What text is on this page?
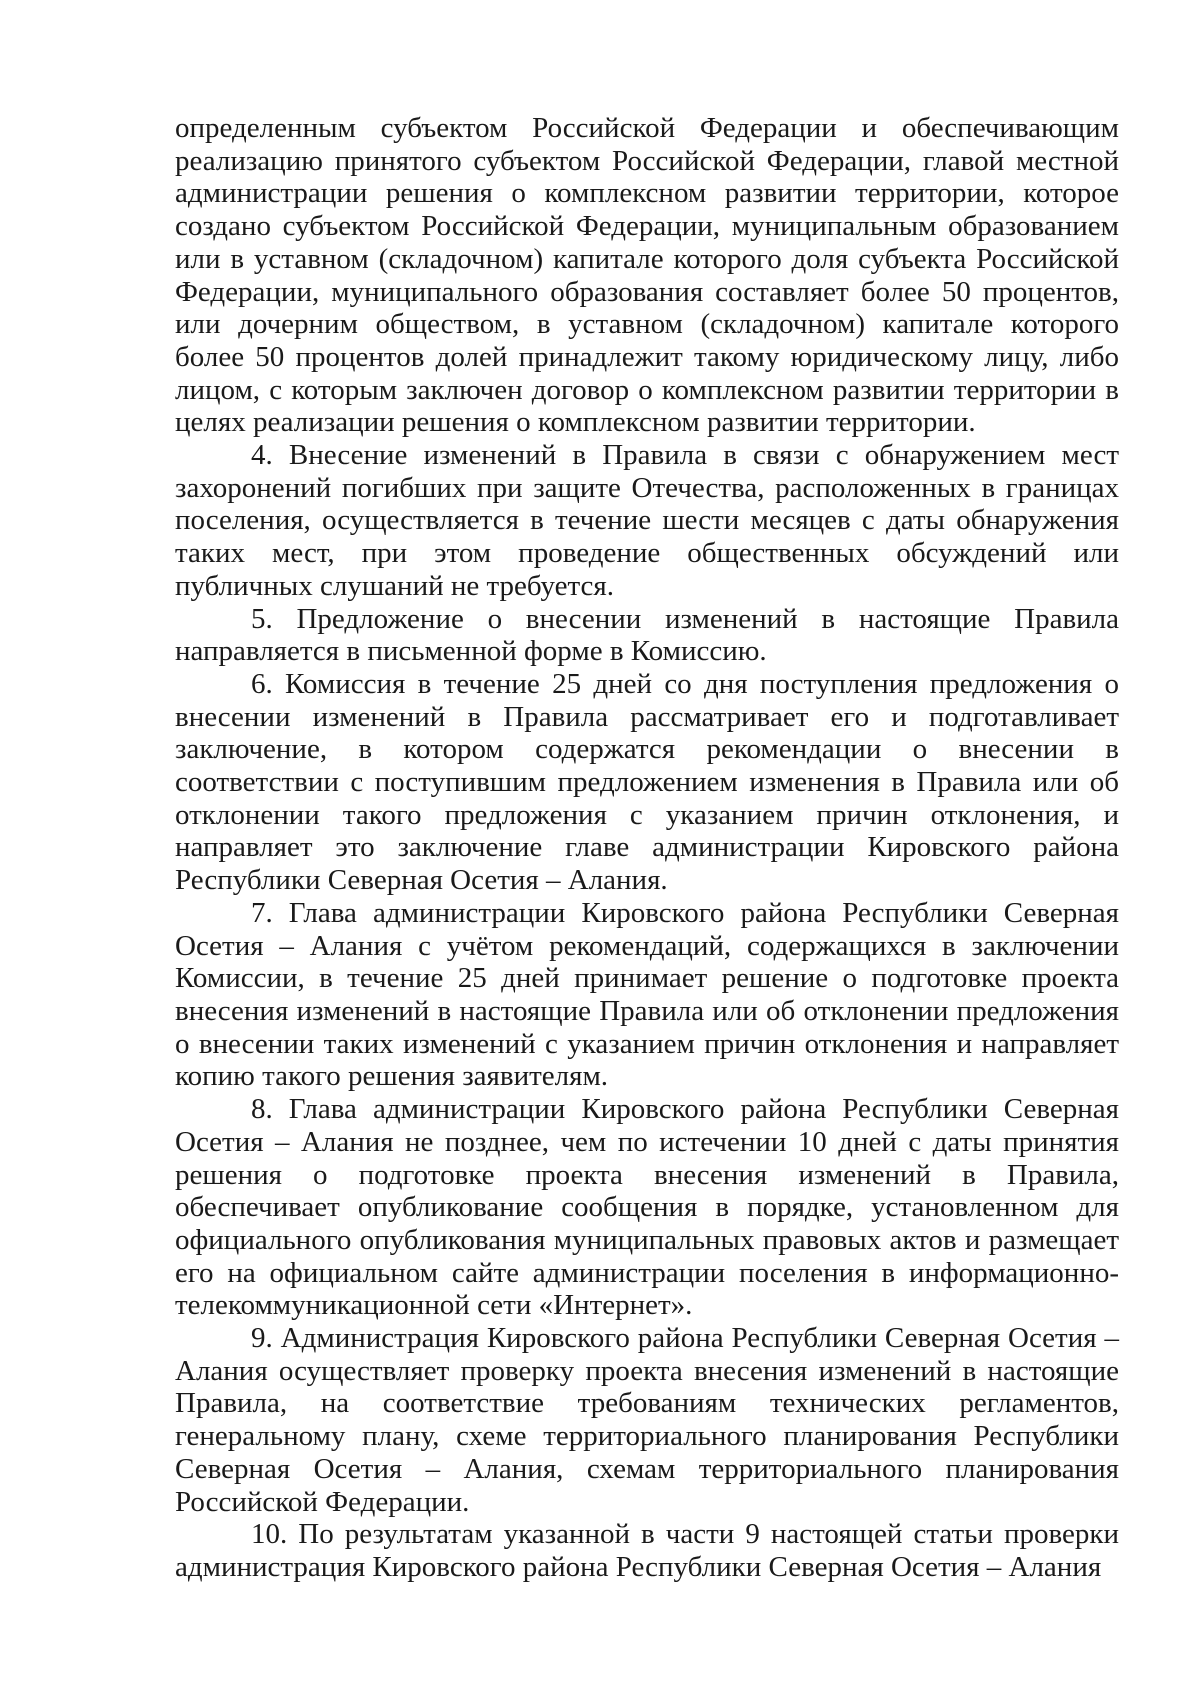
определенным субъектом Российской Федерации и обеспечивающим реализацию принятого субъектом Российской Федерации, главой местной администрации решения о комплексном развитии территории, которое создано субъектом Российской Федерации, муниципальным образованием или в уставном (складочном) капитале которого доля субъекта Российской Федерации, муниципального образования составляет более 50 процентов, или дочерним обществом, в уставном (складочном) капитале которого более 50 процентов долей принадлежит такому юридическому лицу, либо лицом, с которым заключен договор о комплексном развитии территории в целях реализации решения о комплексном развитии территории.

4. Внесение изменений в Правила в связи с обнаружением мест захоронений погибших при защите Отечества, расположенных в границах поселения, осуществляется в течение шести месяцев с даты обнаружения таких мест, при этом проведение общественных обсуждений или публичных слушаний не требуется.

5. Предложение о внесении изменений в настоящие Правила направляется в письменной форме в Комиссию.

6. Комиссия в течение 25 дней со дня поступления предложения о внесении изменений в Правила рассматривает его и подготавливает заключение, в котором содержатся рекомендации о внесении в соответствии с поступившим предложением изменения в Правила или об отклонении такого предложения с указанием причин отклонения, и направляет это заключение главе администрации Кировского района Республики Северная Осетия – Алания.

7. Глава администрации Кировского района Республики Северная Осетия – Алания с учётом рекомендаций, содержащихся в заключении Комиссии, в течение 25 дней принимает решение о подготовке проекта внесения изменений в настоящие Правила или об отклонении предложения о внесении таких изменений с указанием причин отклонения и направляет копию такого решения заявителям.

8. Глава администрации Кировского района Республики Северная Осетия – Алания не позднее, чем по истечении 10 дней с даты принятия решения о подготовке проекта внесения изменений в Правила, обеспечивает опубликование сообщения в порядке, установленном для официального опубликования муниципальных правовых актов и размещает его на официальном сайте администрации поселения в информационно-телекоммуникационной сети «Интернет».

9. Администрация Кировского района Республики Северная Осетия – Алания осуществляет проверку проекта внесения изменений в настоящие Правила, на соответствие требованиям технических регламентов, генеральному плану, схеме территориального планирования Республики Северная Осетия – Алания, схемам территориального планирования Российской Федерации.

10. По результатам указанной в части 9 настоящей статьи проверки администрация Кировского района Республики Северная Осетия – Алания
